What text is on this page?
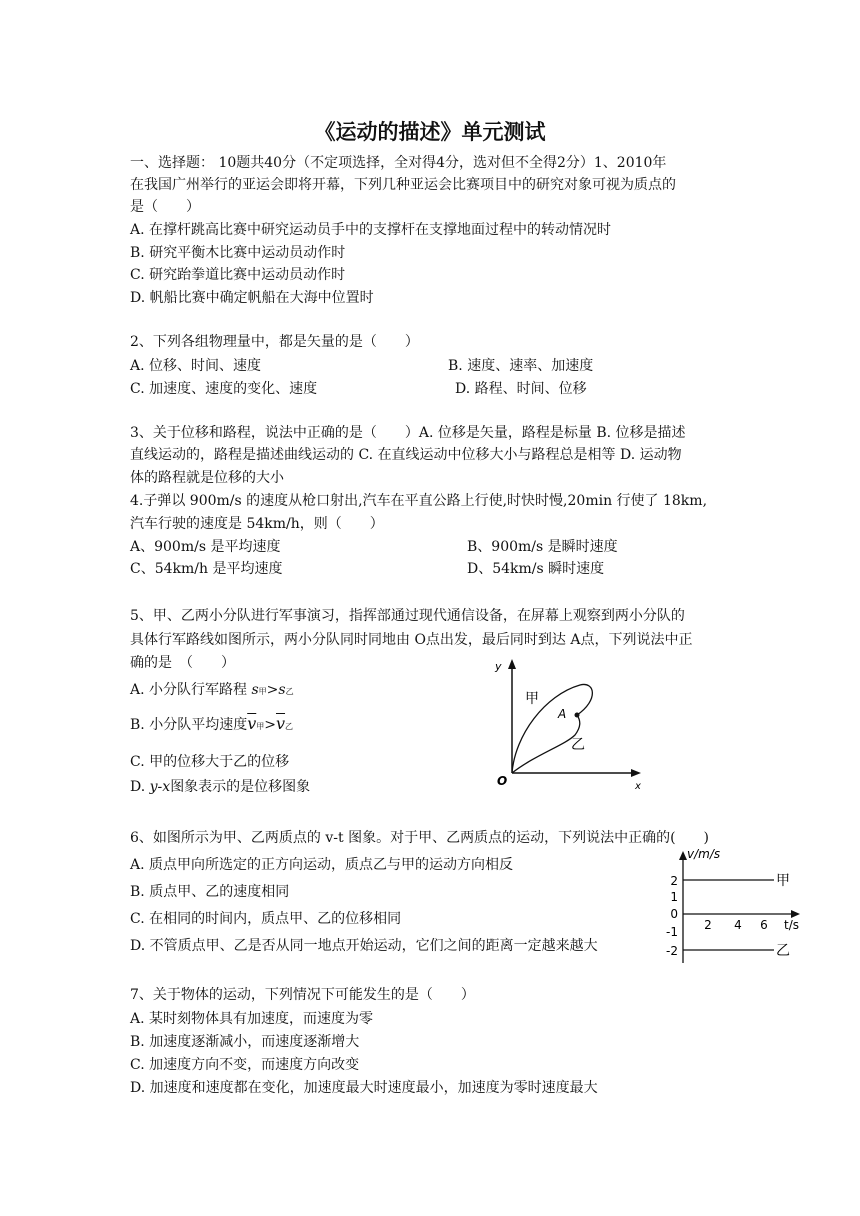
《运动的描述》单元测试
一、选择题： 10题共40分（不定项选择，全对得4分，选对但不全得2分）1、2010年
在我国广州举行的亚运会即将开幕，下列几种亚运会比赛项目中的研究对象可视为质点的
是（　　）
A. 在撑杆跳高比赛中研究运动员手中的支撑杆在支撑地面过程中的转动情况时
B. 研究平衡木比赛中运动员动作时
C. 研究跆拳道比赛中运动员动作时
D. 帆船比赛中确定帆船在大海中位置时
2、下列各组物理量中，都是矢量的是（　　）
A. 位移、时间、速度	B. 速度、速率、加速度
C. 加速度、速度的变化、速度	D. 路程、时间、位移
3、关于位移和路程，说法中正确的是（　　）A. 位移是矢量，路程是标量 B. 位移是描述
直线运动的，路程是描述曲线运动的 C. 在直线运动中位移大小与路程总是相等 D. 运动物
体的路程就是位移的大小
4.子弹以 900m/s 的速度从枪口射出,汽车在平直公路上行使,时快时慢,20min 行使了 18km,
汽车行驶的速度是 54km/h，则（　　）
A、900m/s 是平均速度	B、900m/s 是瞬时速度
C、54km/h 是平均速度	D、54km/s 瞬时速度
5、甲、乙两小分队进行军事演习，指挥部通过现代通信设备，在屏幕上观察到两小分队的
具体行军路线如图所示，两小分队同时同地由 O点出发，最后同时到达 A点，下列说法中正
确的是　（　　）
A. 小分队行军路程 s甲>s乙
B. 小分队平均速度$\overline{v}$甲$>\overline{v}$乙
C. 甲的位移大于乙的位移
D. y-x图象表示的是位移图象
y
x
O
A
甲
乙
6、如图所示为甲、乙两质点的 v-t 图象。对于甲、乙两质点的运动，下列说法中正确的(　　)
A. 质点甲向所选定的正方向运动，质点乙与甲的运动方向相反
B. 质点甲、乙的速度相同
C. 在相同的时间内，质点甲、乙的位移相同
D. 不管质点甲、乙是否从同一地点开始运动，它们之间的距离一定越来越大
v/m/s
t/s
2
1
0
-1
-2
2 4 6
甲
乙
7、关于物体的运动，下列情况下可能发生的是（　　）
A. 某时刻物体具有加速度，而速度为零
B. 加速度逐渐减小，而速度逐渐增大
C. 加速度方向不变，而速度方向改变
D. 加速度和速度都在变化，加速度最大时速度最小，加速度为零时速度最大
